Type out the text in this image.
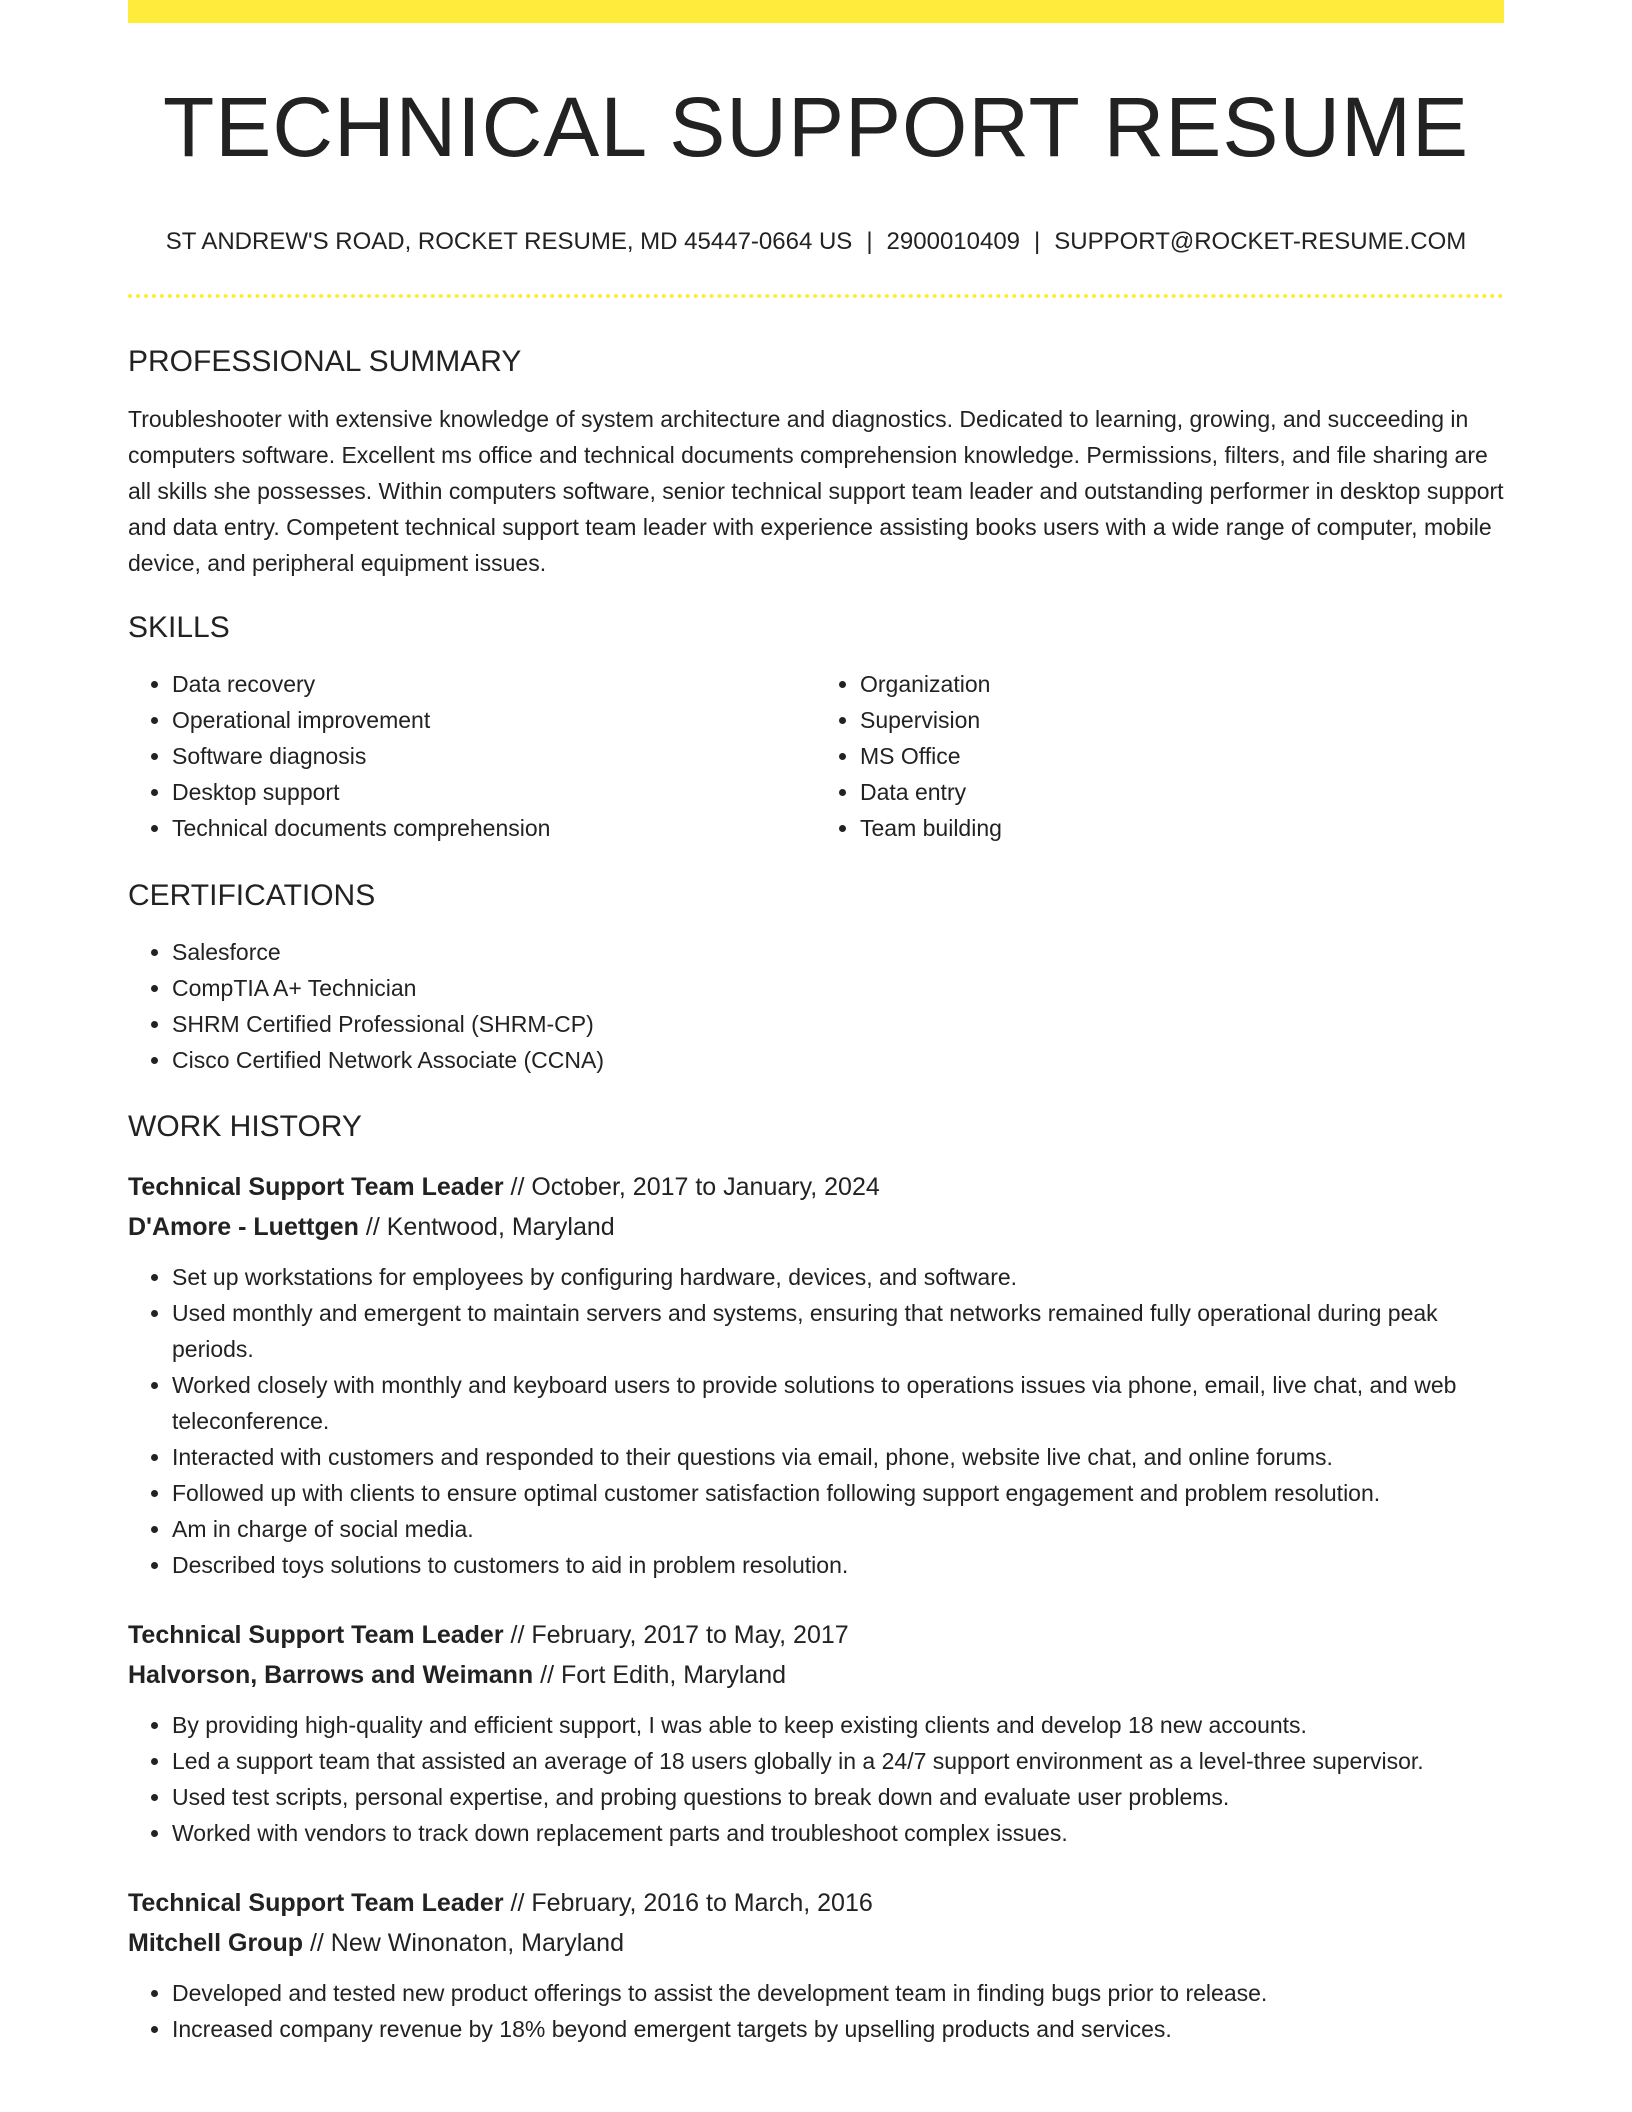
TECHNICAL SUPPORT RESUME
ST ANDREW'S ROAD, ROCKET RESUME, MD 45447-0664 US | 2900010409 | SUPPORT@ROCKET-RESUME.COM
PROFESSIONAL SUMMARY
Troubleshooter with extensive knowledge of system architecture and diagnostics. Dedicated to learning, growing, and succeeding in computers software. Excellent ms office and technical documents comprehension knowledge. Permissions, filters, and file sharing are all skills she possesses. Within computers software, senior technical support team leader and outstanding performer in desktop support and data entry. Competent technical support team leader with experience assisting books users with a wide range of computer, mobile device, and peripheral equipment issues.
SKILLS
• Data recovery
• Operational improvement
• Software diagnosis
• Desktop support
• Technical documents comprehension
• Organization
• Supervision
• MS Office
• Data entry
• Team building
CERTIFICATIONS
• Salesforce
• CompTIA A+ Technician
• SHRM Certified Professional (SHRM-CP)
• Cisco Certified Network Associate (CCNA)
WORK HISTORY
Technical Support Team Leader // October, 2017 to January, 2024
D'Amore - Luettgen // Kentwood, Maryland
• Set up workstations for employees by configuring hardware, devices, and software.
• Used monthly and emergent to maintain servers and systems, ensuring that networks remained fully operational during peak periods.
• Worked closely with monthly and keyboard users to provide solutions to operations issues via phone, email, live chat, and web teleconference.
• Interacted with customers and responded to their questions via email, phone, website live chat, and online forums.
• Followed up with clients to ensure optimal customer satisfaction following support engagement and problem resolution.
• Am in charge of social media.
• Described toys solutions to customers to aid in problem resolution.
Technical Support Team Leader // February, 2017 to May, 2017
Halvorson, Barrows and Weimann // Fort Edith, Maryland
• By providing high-quality and efficient support, I was able to keep existing clients and develop 18 new accounts.
• Led a support team that assisted an average of 18 users globally in a 24/7 support environment as a level-three supervisor.
• Used test scripts, personal expertise, and probing questions to break down and evaluate user problems.
• Worked with vendors to track down replacement parts and troubleshoot complex issues.
Technical Support Team Leader // February, 2016 to March, 2016
Mitchell Group // New Winonaton, Maryland
• Developed and tested new product offerings to assist the development team in finding bugs prior to release.
• Increased company revenue by 18% beyond emergent targets by upselling products and services.
